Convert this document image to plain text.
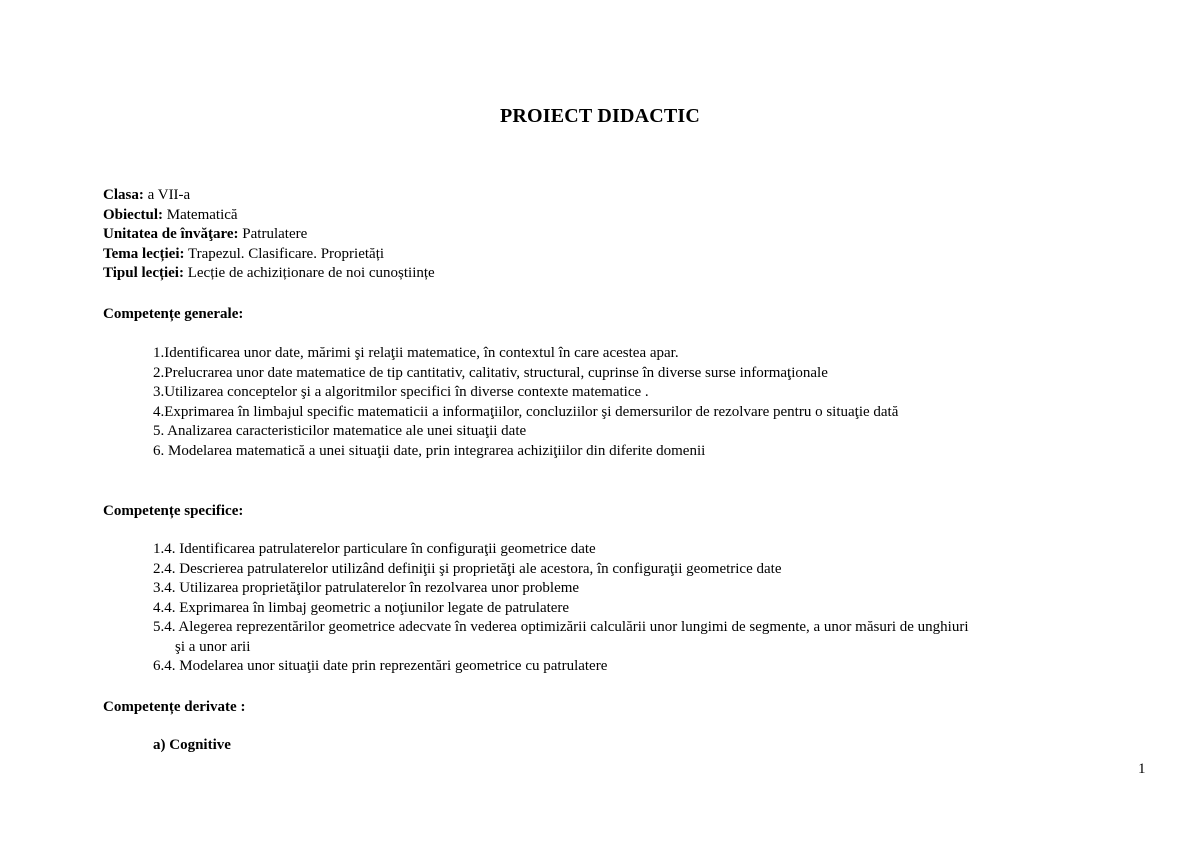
PROIECT DIDACTIC
Clasa: a VII-a
Obiectul: Matematică
Unitatea de învăţare: Patrulatere
Tema lecției: Trapezul. Clasificare. Proprietăți
Tipul lecției: Lecție de achiziționare de noi cunoștiințe
Competențe generale:
1.Identificarea unor date, mărimi şi relaţii matematice, în contextul în care acestea apar.
2.Prelucrarea unor date matematice de tip cantitativ, calitativ, structural, cuprinse în diverse surse informaţionale
3.Utilizarea conceptelor şi a algoritmilor specifici în diverse contexte matematice .
4.Exprimarea în limbajul specific matematicii a informaţiilor, concluziilor şi demersurilor de rezolvare pentru o situaţie dată
5. Analizarea caracteristicilor matematice ale unei situaţii date
6. Modelarea matematică a unei situaţii date, prin integrarea achiziţiilor din diferite domenii
Competențe specifice:
1.4. Identificarea patrulaterelor particulare în configuraţii geometrice date
2.4. Descrierea patrulaterelor utilizând definiţii şi proprietăţi ale acestora, în configuraţii geometrice date
3.4. Utilizarea proprietăţilor patrulaterelor în rezolvarea unor probleme
4.4. Exprimarea în limbaj geometric a noţiunilor legate de patrulatere
5.4. Alegerea reprezentărilor geometrice adecvate în vederea optimizării calculării unor lungimi de segmente, a unor măsuri de unghiuri
şi a unor arii
6.4. Modelarea unor situaţii date prin reprezentări geometrice cu patrulatere
Competențe derivate :
a) Cognitive
1
